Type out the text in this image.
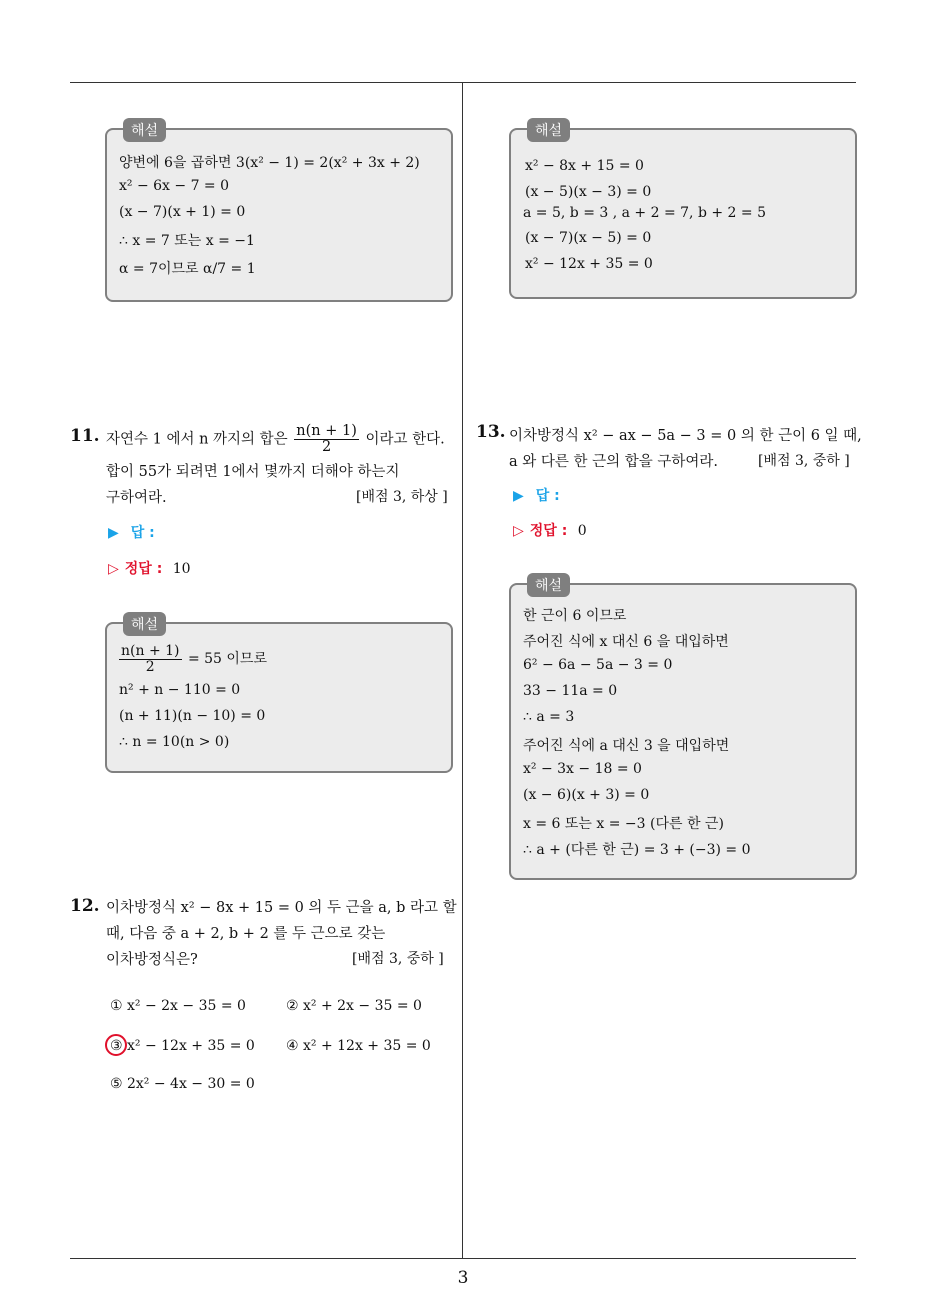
해설
양변에 6을 곱하면 3(x² − 1) = 2(x² + 3x + 2)
x² − 6x − 7 = 0
(x − 7)(x + 1) = 0
∴ x = 7 또는 x = −1
α = 7이므로 α/7 = 1
해설
x² − 8x + 15 = 0
(x − 5)(x − 3) = 0
a = 5, b = 3 , a + 2 = 7, b + 2 = 5
(x − 7)(x − 5) = 0
x² − 12x + 35 = 0
11. 자연수 1 에서 n 까지의 합은 $\frac{n(n + 1)}{2}$ 이라고 한다.
합이 55가 되려면 1에서 몇까지 더해야 하는지
구하여라.	[배점 3, 하상 ]
▶ 답 :
▷ 정답 : 10
해설
$\frac{n(n + 1)}{2} = 55$ 이므로
n² + n − 110 = 0
(n + 11)(n − 10) = 0
∴ n = 10(n > 0)
12. 이차방정식 x² − 8x + 15 = 0 의 두 근을 a, b 라고 할
때, 다음 중 a + 2, b + 2 를 두 근으로 갖는
이차방정식은?	[배점 3, 중하 ]
① x² − 2x − 35 = 0	② x² + 2x − 35 = 0
③ x² − 12x + 35 = 0 ④ x² + 12x + 35 = 0
⑤ 2x² − 4x − 30 = 0
13. 이차방정식 x² − ax − 5a − 3 = 0 의 한 근이 6 일 때,
a 와 다른 한 근의 합을 구하여라.	[배점 3, 중하 ]
▶ 답 :
▷ 정답 : 0
해설
한 근이 6 이므로
주어진 식에 x 대신 6 을 대입하면
6² − 6a − 5a − 3 = 0
33 − 11a = 0
∴ a = 3
주어진 식에 a 대신 3 을 대입하면
x² − 3x − 18 = 0
(x − 6)(x + 3) = 0
x = 6 또는 x = −3 (다른 한 근)
∴ a + (다른 한 근) = 3 + (−3) = 0
3
